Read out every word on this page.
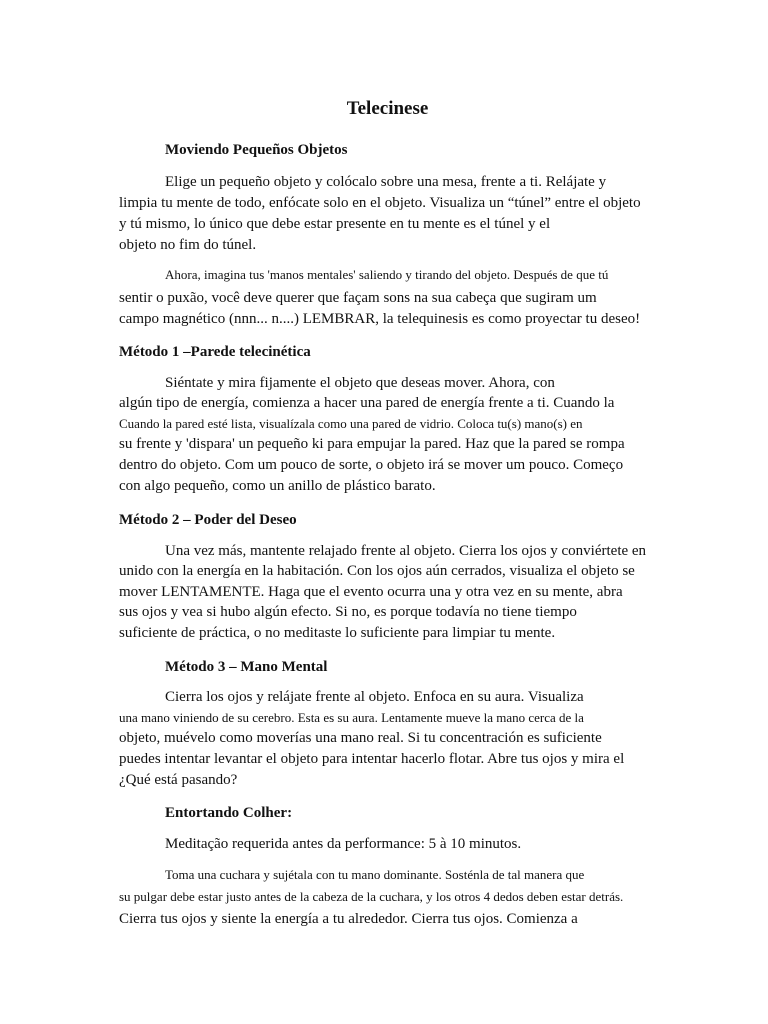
Telecinese
Moviendo Pequeños Objetos
Elige un pequeño objeto y colócalo sobre una mesa, frente a ti. Relájate y
limpia tu mente de todo, enfócate solo en el objeto. Visualiza un “túnel” entre el objeto
y tú mismo, lo único que debe estar presente en tu mente es el túnel y el
objeto no fim do túnel.
Ahora, imagina tus 'manos mentales' saliendo y tirando del objeto. Después de que tú
sentir o puxão, você deve querer que façam sons na sua cabeça que sugiram um
campo magnético (nnn... n....) LEMBRAR, la telequinesis es como proyectar tu deseo!
Método 1 –Parede telecinética
Siéntate y mira fijamente el objeto que deseas mover. Ahora, con
algún tipo de energía, comienza a hacer una pared de energía frente a ti. Cuando la
Cuando la pared esté lista, visualízala como una pared de vidrio. Coloca tu(s) mano(s) en
su frente y 'dispara' un pequeño ki para empujar la pared. Haz que la pared se rompa
dentro do objeto. Com um pouco de sorte, o objeto irá se mover um pouco. Começo
con algo pequeño, como un anillo de plástico barato.
Método 2 – Poder del Deseo
Una vez más, mantente relajado frente al objeto. Cierra los ojos y conviértete en
unido con la energía en la habitación. Con los ojos aún cerrados, visualiza el objeto se
mover LENTAMENTE. Haga que el evento ocurra una y otra vez en su mente, abra
sus ojos y vea si hubo algún efecto. Si no, es porque todavía no tiene tiempo
suficiente de práctica, o no meditaste lo suficiente para limpiar tu mente.
Método 3 – Mano Mental
Cierra los ojos y relájate frente al objeto. Enfoca en su aura. Visualiza
una mano viniendo de su cerebro. Esta es su aura. Lentamente mueve la mano cerca de la
objeto, muévelo como moverías una mano real. Si tu concentración es suficiente
puedes intentar levantar el objeto para intentar hacerlo flotar. Abre tus ojos y mira el
¿Qué está pasando?
Entortando Colher:
Meditação requerida antes da performance: 5 à 10 minutos.
Toma una cuchara y sujétala con tu mano dominante. Sosténla de tal manera que
su pulgar debe estar justo antes de la cabeza de la cuchara, y los otros 4 dedos deben estar detrás.
Cierra tus ojos y siente la energía a tu alrededor. Cierra tus ojos. Comienza a
